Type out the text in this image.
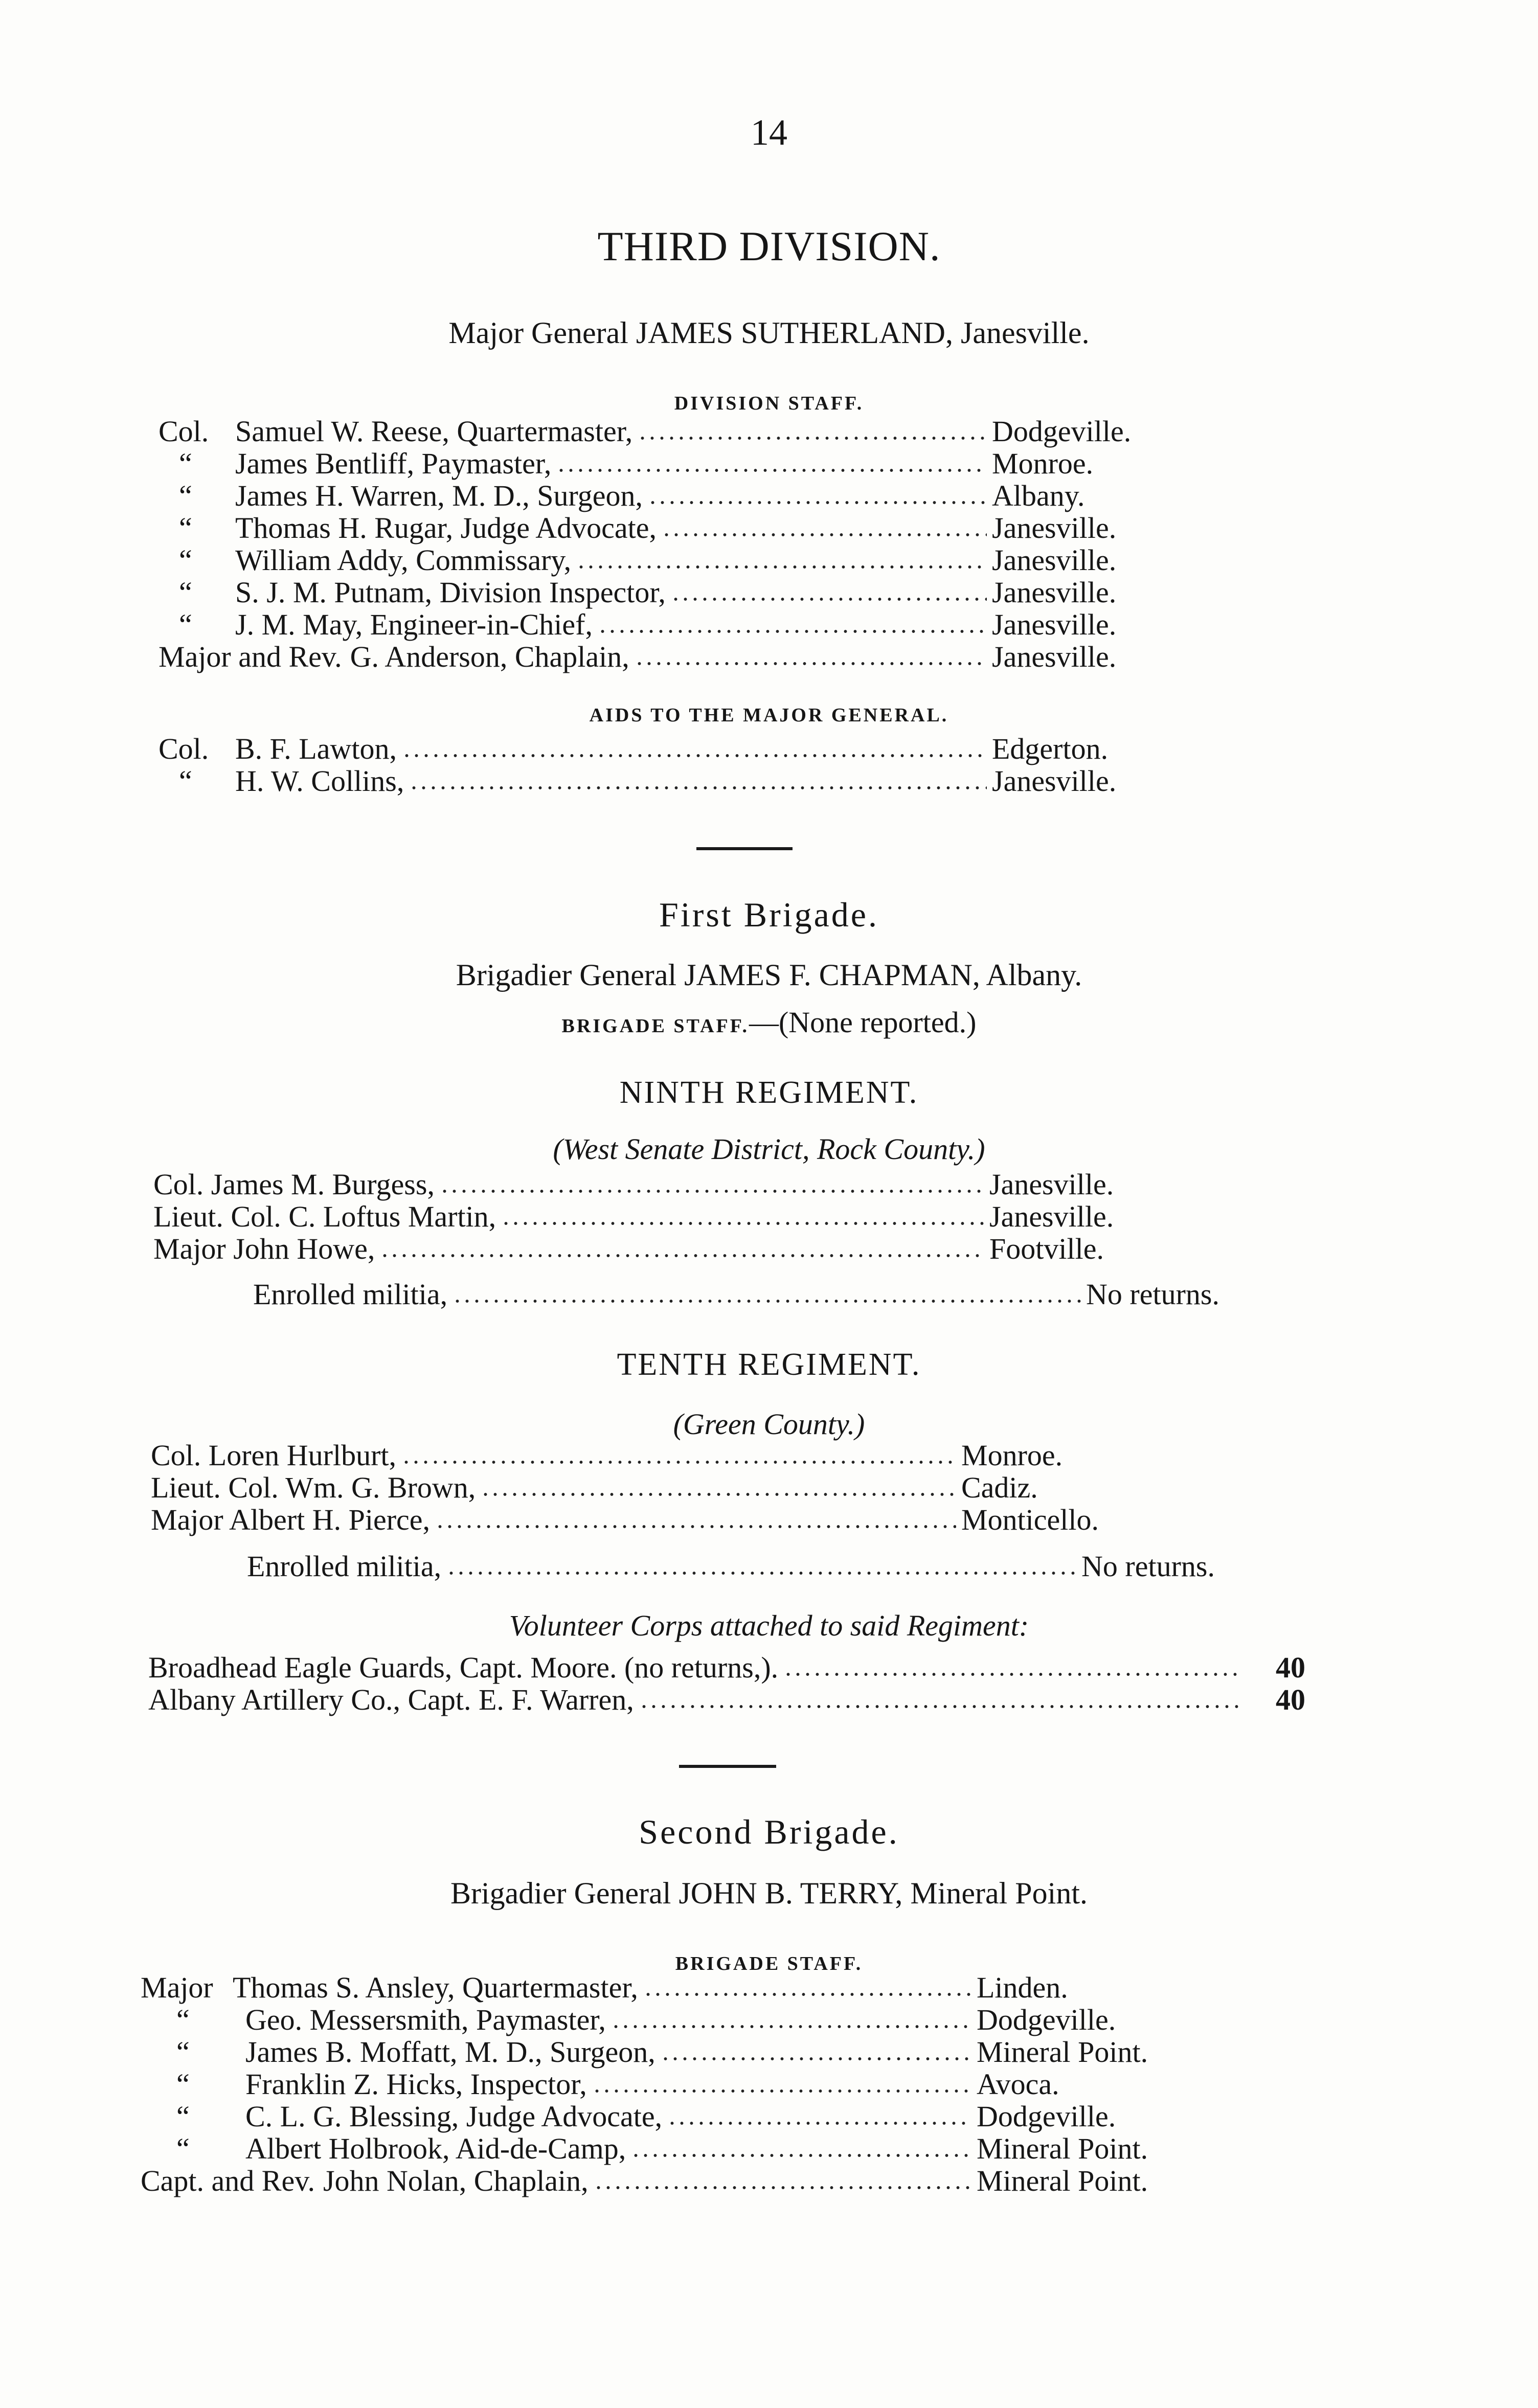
14
THIRD DIVISION.
Major General JAMES SUTHERLAND, Janesville.
DIVISION STAFF.
Col. Samuel W. Reese, Quartermaster,	Dodgeville.
“	James Bentliff, Paymaster,	Monroe.
“	James H. Warren, M. D., Surgeon,	Albany.
“	Thomas H. Rugar, Judge Advocate,	Janesville.
“	William Addy, Commissary,	Janesville.
“	S. J. M. Putnam, Division Inspector,	Janesville.
“	J. M. May, Engineer-in-Chief,	Janesville.
Major and Rev. G. Anderson, Chaplain,	Janesville.
AIDS TO THE MAJOR GENERAL.
Col. B. F. Lawton,	Edgerton.
“	H. W. Collins,	Janesville.
First Brigade.
Brigadier General JAMES F. CHAPMAN, Albany.
BRIGADE STAFF.—(None reported.)
NINTH REGIMENT.
(West Senate District, Rock County.)
Col. James M. Burgess,	Janesville.
Lieut. Col. C. Loftus Martin,	Janesville.
Major John Howe,	Footville.
Enrolled militia,	No returns.
TENTH REGIMENT.
(Green County.)
Col. Loren Hurlburt,	Monroe.
Lieut. Col. Wm. G. Brown,	Cadiz.
Major Albert H. Pierce,	Monticello.
Enrolled militia,	No returns.
Volunteer Corps attached to said Regiment:
Broadhead Eagle Guards, Capt. Moore. (no returns,).	40
Albany Artillery Co., Capt. E. F. Warren,	40
Second Brigade.
Brigadier General JOHN B. TERRY, Mineral Point.
BRIGADE STAFF.
Major Thomas S. Ansley, Quartermaster,	Linden.
“	Geo. Messersmith, Paymaster,	Dodgeville.
“	James B. Moffatt, M. D., Surgeon,	Mineral Point.
“	Franklin Z. Hicks, Inspector,	Avoca.
“	C. L. G. Blessing, Judge Advocate,	Dodgeville.
“	Albert Holbrook, Aid-de-Camp,	Mineral Point.
Capt. and Rev. John Nolan, Chaplain,	Mineral Point.
